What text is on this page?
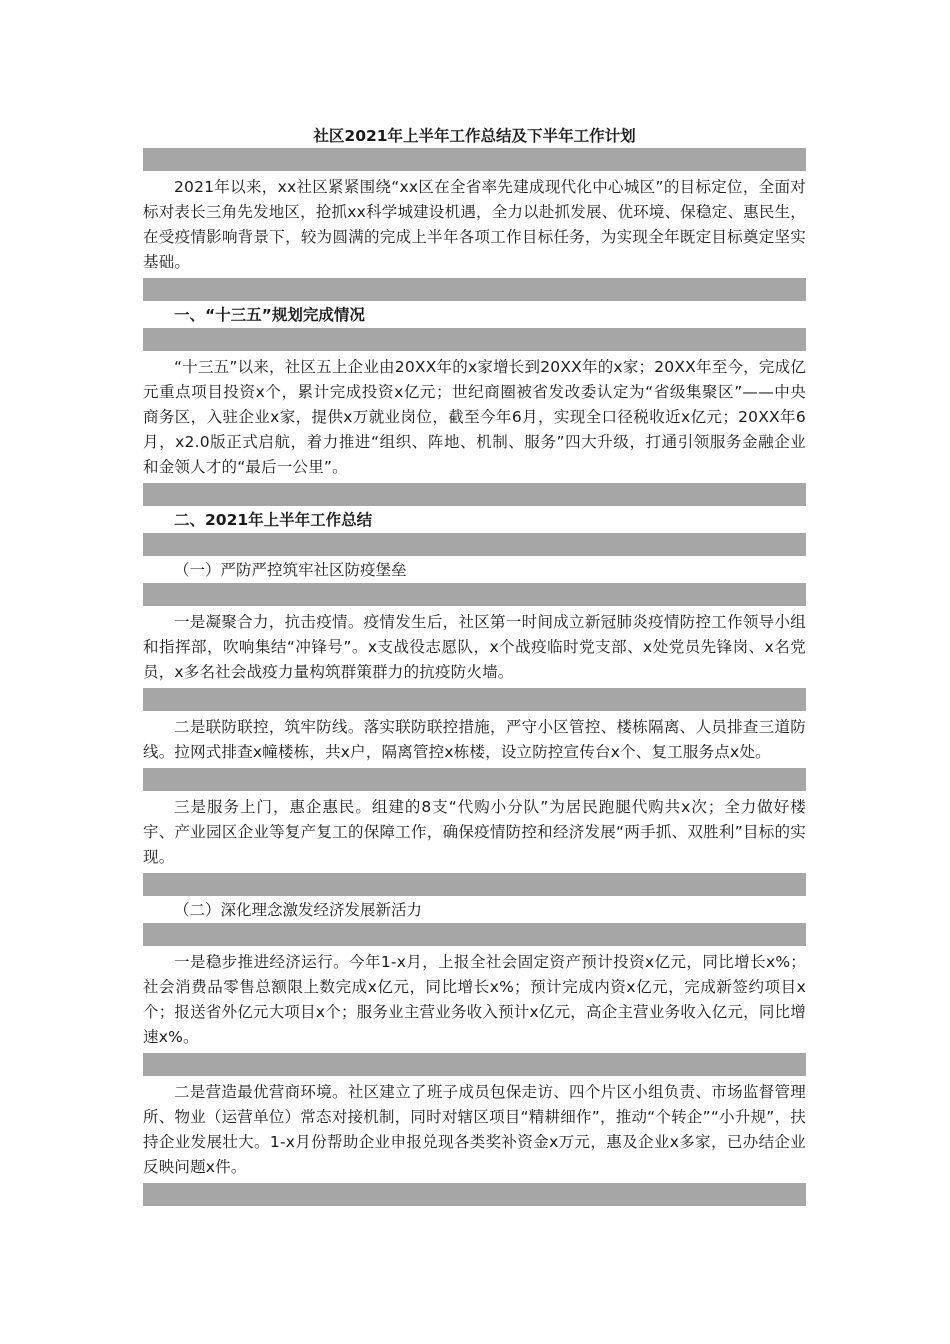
社区2021年上半年工作总结及下半年工作计划

2021年以来，xx社区紧紧围绕“xx区在全省率先建成现代化中心城区”的目标定位，全面对标对表长三角先发地区，抢抓xx科学城建设机遇，全力以赴抓发展、优环境、保稳定、惠民生，在受疫情影响背景下，较为圆满的完成上半年各项工作目标任务，为实现全年既定目标奠定坚实基础。

一、“十三五”规划完成情况

“十三五”以来，社区五上企业由20XX年的x家增长到20XX年的x家；20XX年至今，完成亿元重点项目投资x个，累计完成投资x亿元；世纪商圈被省发改委认定为“省级集聚区”——中央商务区，入驻企业x家，提供x万就业岗位，截至今年6月，实现全口径税收近x亿元；20XX年6月，x2.0版正式启航，着力推进“组织、阵地、机制、服务”四大升级，打通引领服务金融企业和金领人才的“最后一公里”。

二、2021年上半年工作总结

（一）严防严控筑牢社区防疫堡垒

一是凝聚合力，抗击疫情。疫情发生后，社区第一时间成立新冠肺炎疫情防控工作领导小组和指挥部，吹响集结“冲锋号”。x支战役志愿队，x个战疫临时党支部、x处党员先锋岗、x名党员，x多名社会战疫力量构筑群策群力的抗疫防火墙。

二是联防联控，筑牢防线。落实联防联控措施，严守小区管控、楼栋隔离、人员排查三道防线。拉网式排查x幢楼栋，共x户，隔离管控x栋楼，设立防控宣传台x个、复工服务点x处。

三是服务上门，惠企惠民。组建的8支“代购小分队”为居民跑腿代购共x次；全力做好楼宇、产业园区企业等复产复工的保障工作，确保疫情防控和经济发展“两手抓、双胜利”目标的实现。

（二）深化理念激发经济发展新活力

一是稳步推进经济运行。今年1-x月，上报全社会固定资产预计投资x亿元，同比增长x%；社会消费品零售总额限上数完成x亿元，同比增长x%；预计完成内资x亿元，完成新签约项目x个；报送省外亿元大项目x个；服务业主营业务收入预计x亿元，高企主营业务收入亿元，同比增速x%。

二是营造最优营商环境。社区建立了班子成员包保走访、四个片区小组负责、市场监督管理所、物业（运营单位）常态对接机制，同时对辖区项目“精耕细作”，推动“个转企”“小升规”，扶持企业发展壮大。1-x月份帮助企业申报兑现各类奖补资金x万元，惠及企业x多家，已办结企业反映问题x件。
